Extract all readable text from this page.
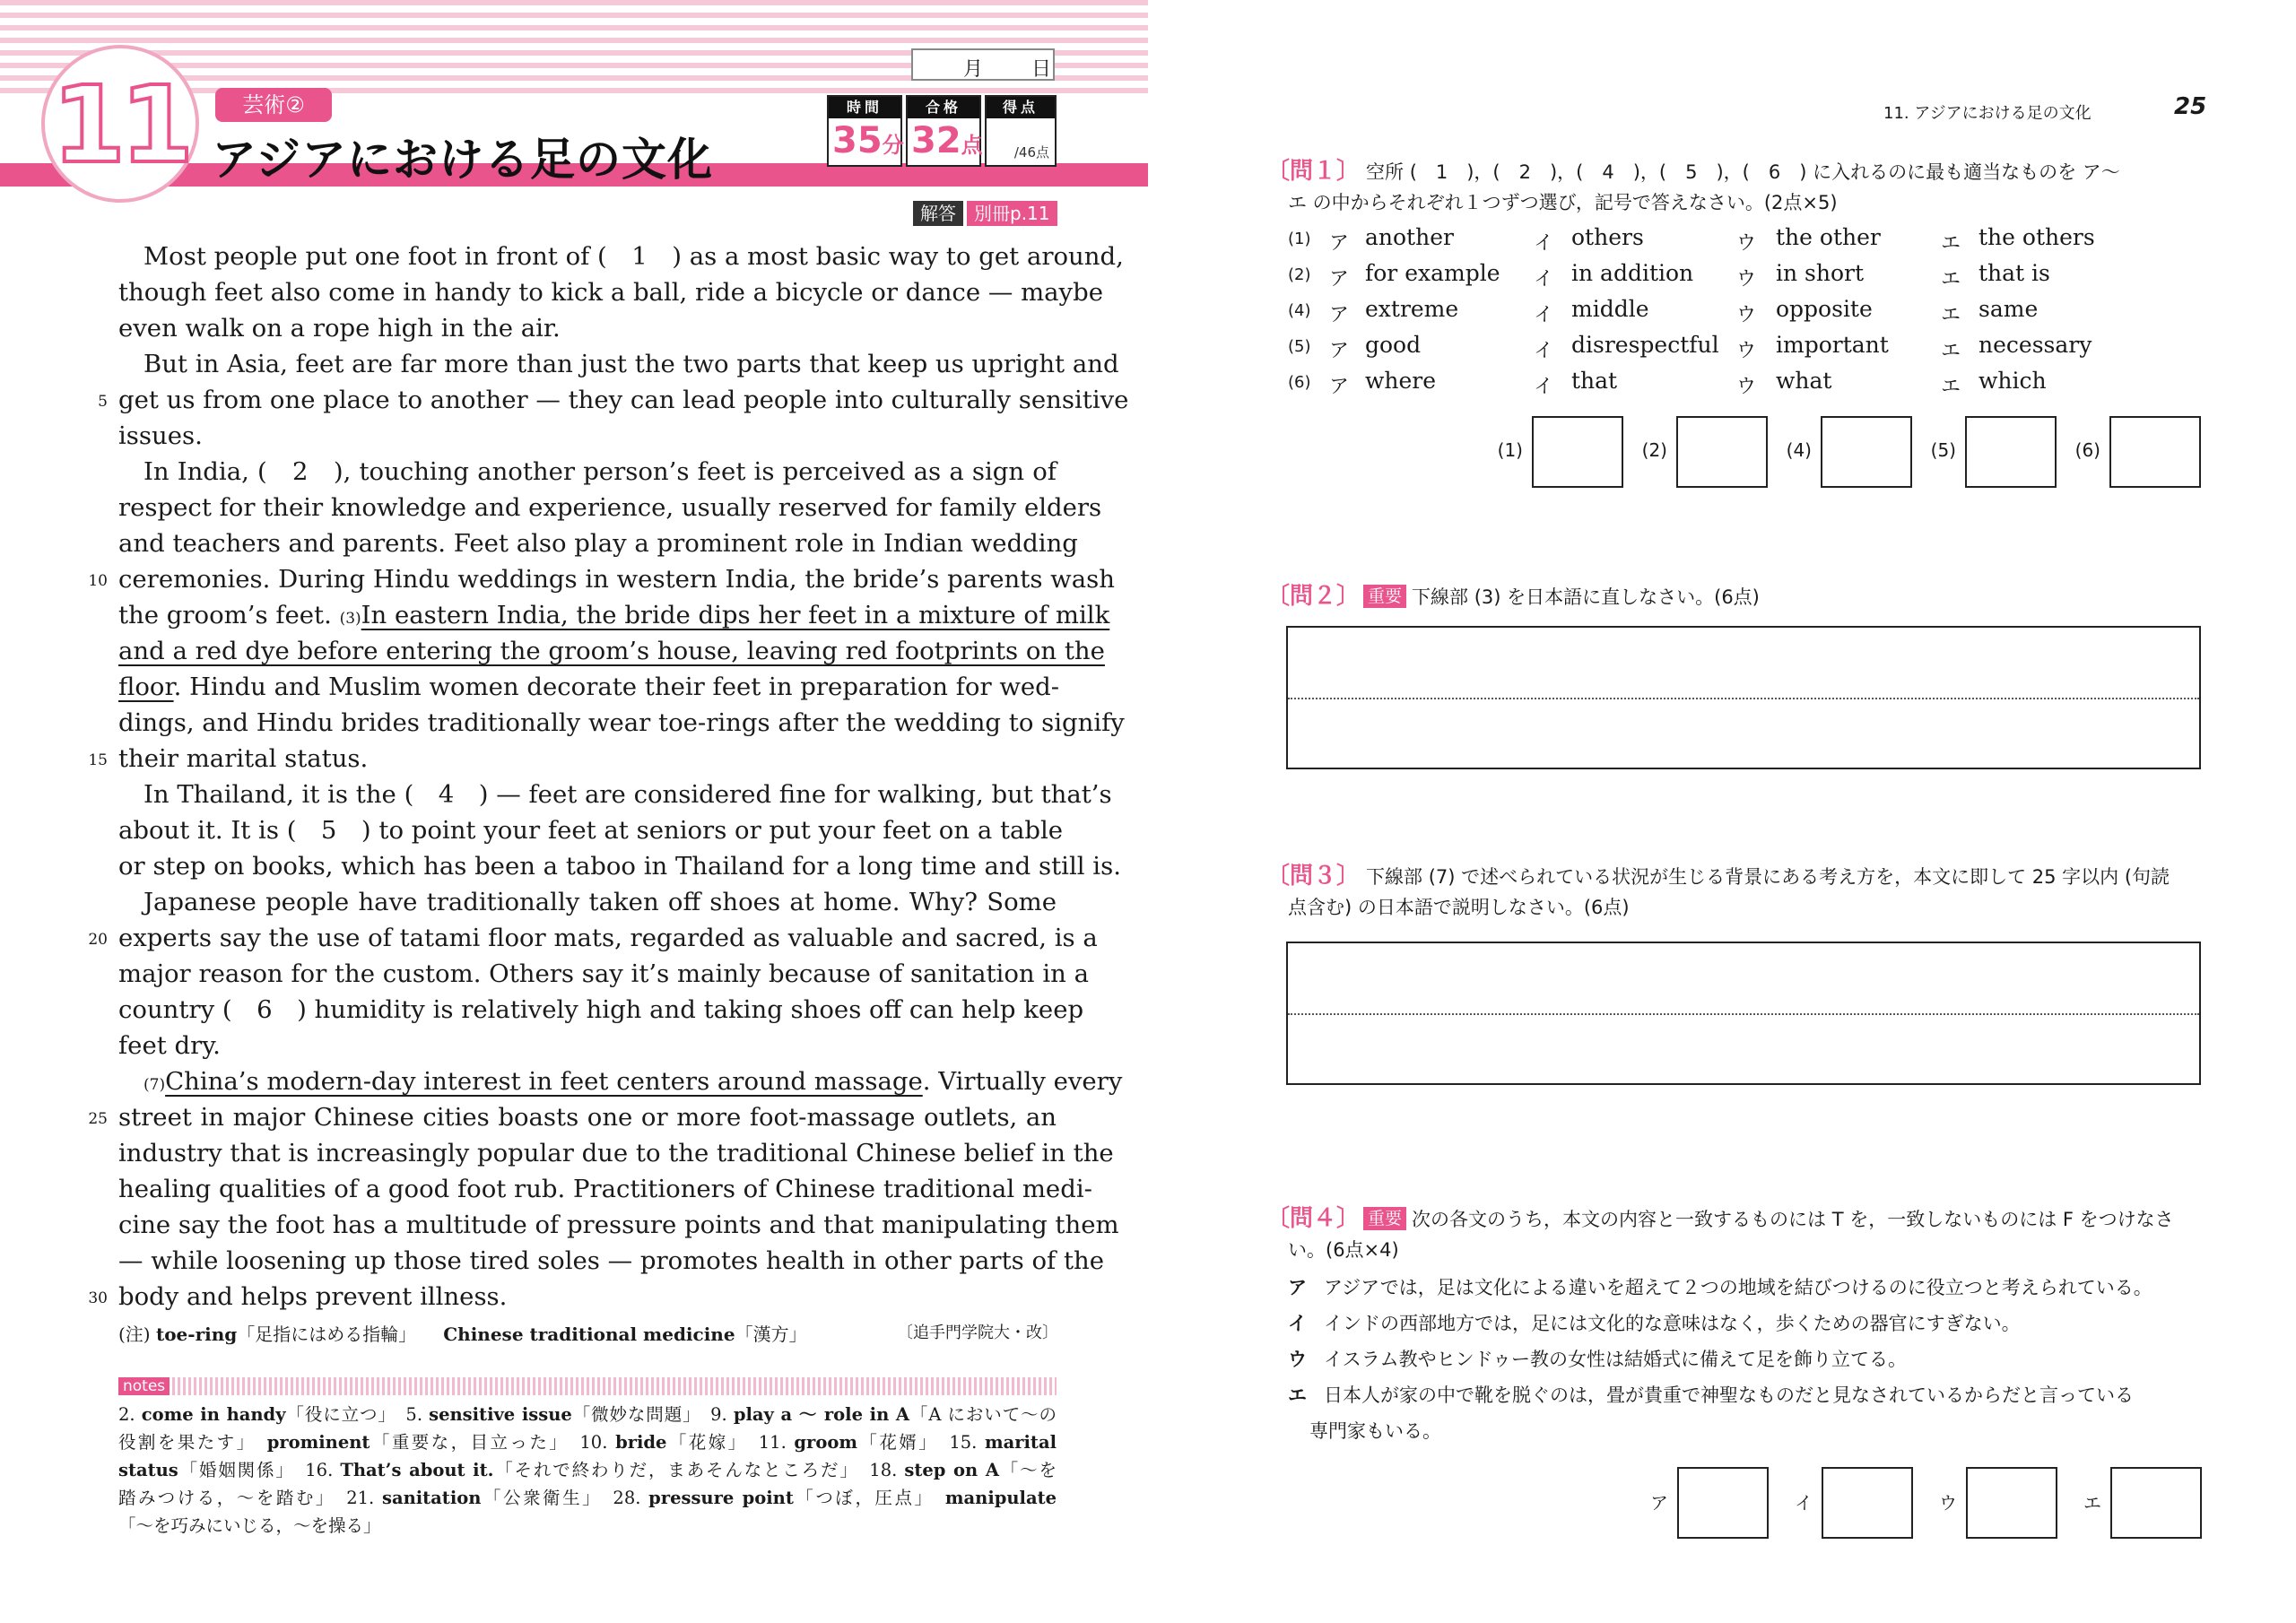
11	芸術②
アジアにおける足の文化
月 日
時間
35分
合格
32点
得点
/46点
解答 別冊p.11
Most people put one foot in front of (　1　) as a most basic way to get around,
though feet also come in handy to kick a ball, ride a bicycle or dance — maybe
even walk on a rope high in the air.
But in Asia, feet are far more than just the two parts that keep us upright and
get us from one place to another — they can lead people into culturally sensitive
issues.
In India, (　2　), touching another person’s feet is perceived as a sign of
respect for their knowledge and experience, usually reserved for family elders
and teachers and parents. Feet also play a prominent role in Indian wedding
ceremonies. During Hindu weddings in western India, the bride’s parents wash
the groom’s feet. (3)In eastern India, the bride dips her feet in a mixture of milk
and a red dye before entering the groom’s house, leaving red footprints on the
floor. Hindu and Muslim women decorate their feet in preparation for wed-
dings, and Hindu brides traditionally wear toe-rings after the wedding to signify
their marital status.
In Thailand, it is the (　4　) — feet are considered fine for walking, but that’s
about it. It is (　5　) to point your feet at seniors or put your feet on a table
or step on books, which has been a taboo in Thailand for a long time and still is.
Japanese people have traditionally taken off shoes at home. Why? Some
experts say the use of tatami floor mats, regarded as valuable and sacred, is a
major reason for the custom. Others say it’s mainly because of sanitation in a
country (　6　) humidity is relatively high and taking shoes off can help keep
feet dry.
(7)China’s modern-day interest in feet centers around massage. Virtually every
street in major Chinese cities boasts one or more foot-massage outlets, an
industry that is increasingly popular due to the traditional Chinese belief in the
healing qualities of a good foot rub. Practitioners of Chinese traditional medi-
cine say the foot has a multitude of pressure points and that manipulating them
— while loosening up those tired soles — promotes health in other parts of the
body and helps prevent illness.
5
10
15
20
25
30
(注) toe-ring「足指にはめる指輪」　　 Chinese traditional medicine「漢方」	〔追手門学院大・改〕
notes
2. come in handy「役に立つ」　5. sensitive issue「微妙な問題」　9. play a 〜 role in A「A において〜の
役割を果たす」　prominent「重要な，目立った」　10. bride「花嫁」　11. groom「花婿」　15. marital
status「婚姻関係」　16. That’s about it.「それで終わりだ，まあそんなところだ」　18. step on A「〜を
踏みつける，〜を踏む」　21. sanitation「公衆衛生」　28. pressure point「つぼ，圧点」　manipulate
「〜を巧みにいじる，〜を操る」
11. アジアにおける足の文化	25
〔問１〕 空所 (　1　)，(　2　)，(　4　)，(　5　)，(　6　) に入れるのに最も適当なものを ア〜
エ の中からそれぞれ１つずつ選び，記号で答えなさい。(2点×5)
(1) ア another	イ others	ウ the other	エ the others
(2) ア for example イ in addition ウ in short	エ that is
(4) ア extreme	イ middle	ウ opposite	エ same
(5) ア good	イ disrespectful ウ important	エ necessary
(6) ア where	イ that	ウ what	エ which
(1)	(2)	(4)	(5)	(6)
〔問２〕 重要 下線部 (3) を日本語に直しなさい。(6点)
〔問３〕 下線部 (7) で述べられている状況が生じる背景にある考え方を，本文に即して 25 字以内 (句読
点含む) の日本語で説明しなさい。(6点)
〔問４〕 重要 次の各文のうち，本文の内容と一致するものには T を，一致しないものには F をつけなさ
い。(6点×4)
ア アジアでは，足は文化による違いを超えて２つの地域を結びつけるのに役立つと考えられている。
イ インドの西部地方では，足には文化的な意味はなく，歩くための器官にすぎない。
ウ イスラム教やヒンドゥー教の女性は結婚式に備えて足を飾り立てる。
エ 日本人が家の中で靴を脱ぐのは，畳が貴重で神聖なものだと見なされているからだと言っている
専門家もいる。
ア	イ	ウ	エ
